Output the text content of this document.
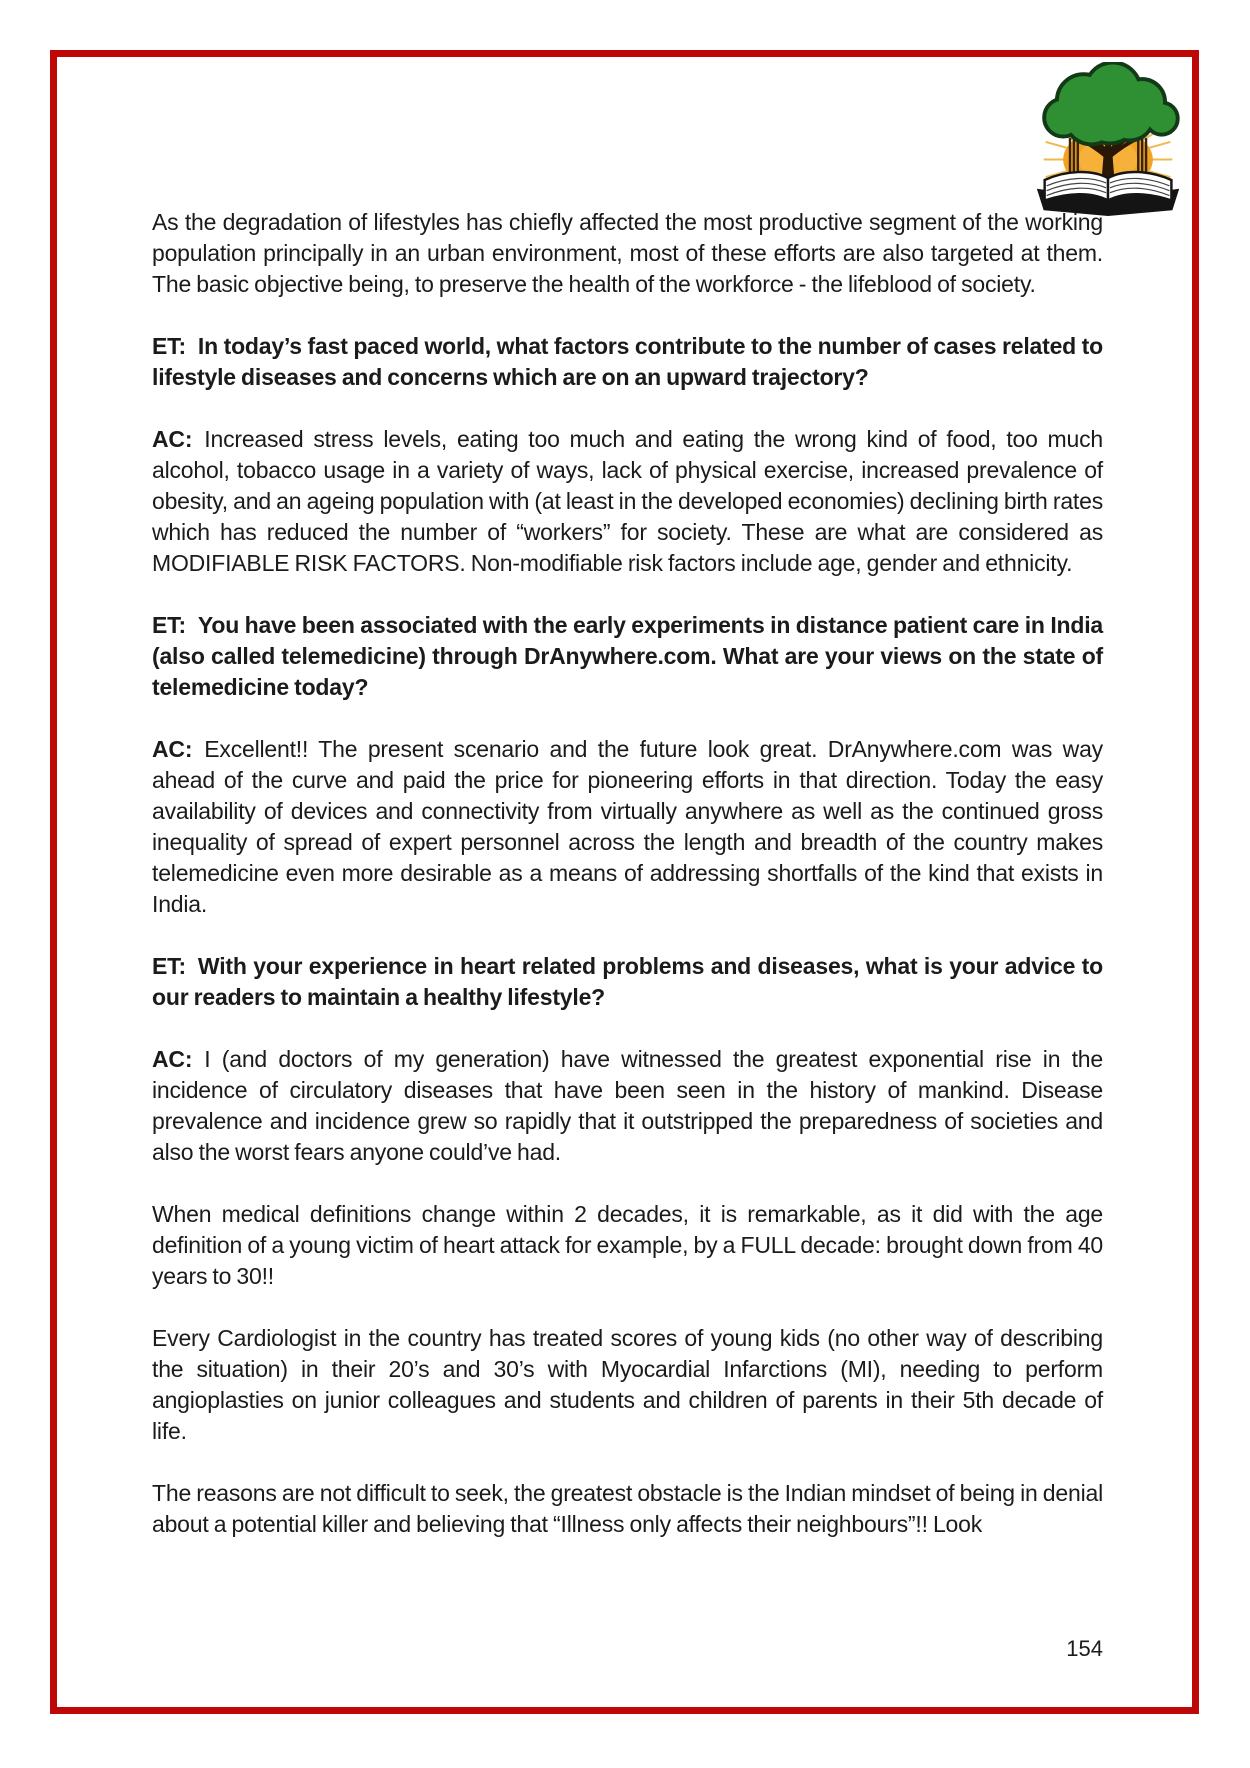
As the degradation of lifestyles has chiefly affected the most productive segment of the working population principally in an urban environment, most of these efforts are also targeted at them. The basic objective being, to preserve the health of the workforce - the lifeblood of society.

ET: In today’s fast paced world, what factors contribute to the number of cases related to lifestyle diseases and concerns which are on an upward trajectory?

AC: Increased stress levels, eating too much and eating the wrong kind of food, too much alcohol, tobacco usage in a variety of ways, lack of physical exercise, increased prevalence of obesity, and an ageing population with (at least in the developed economies) declining birth rates which has reduced the number of “workers” for society. These are what are considered as MODIFIABLE RISK FACTORS. Non-modifiable risk factors include age, gender and ethnicity.

ET: You have been associated with the early experiments in distance patient care in India (also called telemedicine) through DrAnywhere.com. What are your views on the state of telemedicine today?

AC: Excellent!! The present scenario and the future look great. DrAnywhere.com was way ahead of the curve and paid the price for pioneering efforts in that direction. Today the easy availability of devices and connectivity from virtually anywhere as well as the continued gross inequality of spread of expert personnel across the length and breadth of the country makes telemedicine even more desirable as a means of addressing shortfalls of the kind that exists in India.

ET: With your experience in heart related problems and diseases, what is your advice to our readers to maintain a healthy lifestyle?

AC: I (and doctors of my generation) have witnessed the greatest exponential rise in the incidence of circulatory diseases that have been seen in the history of mankind. Disease prevalence and incidence grew so rapidly that it outstripped the preparedness of societies and also the worst fears anyone could’ve had.

When medical definitions change within 2 decades, it is remarkable, as it did with the age definition of a young victim of heart attack for example, by a FULL decade: brought down from 40 years to 30!!

Every Cardiologist in the country has treated scores of young kids (no other way of describing the situation) in their 20’s and 30’s with Myocardial Infarctions (MI), needing to perform angioplasties on junior colleagues and students and children of parents in their 5th decade of life.

The reasons are not difficult to seek, the greatest obstacle is the Indian mindset of being in denial about a potential killer and believing that “Illness only affects their neighbours”!! Look

154
